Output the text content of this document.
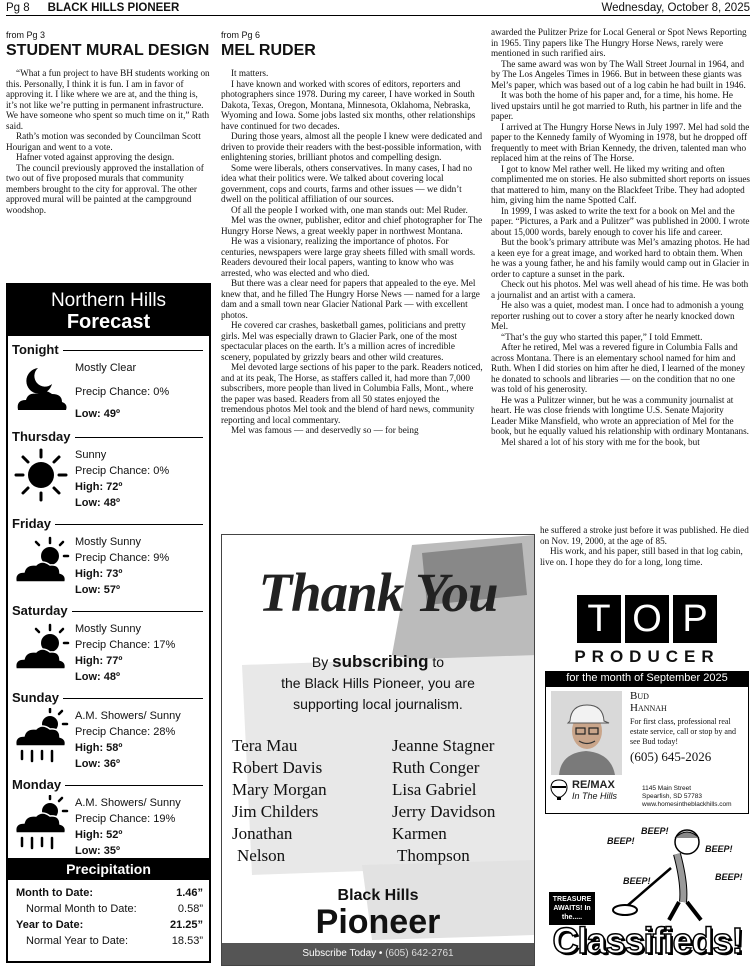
Pg 8 BLACK HILLS PIONEER	Wednesday, October 8, 2025
from Pg 3
STUDENT MURAL DESIGN

“What a fun project to have BH students working on this. Personally, I think it is fun. I am in favor of approving it. I like where we are at, and the thing is, it’s not like we’re putting in permanent infrastructure. We have someone who spent so much time on it,” Rath said.

Rath’s motion was seconded by Councilman Scott Hourigan and went to a vote.

Hafner voted against approving the design.

The council previously approved the installation of two out of five proposed murals that community members brought to the city for approval. The other approved mural will be painted at the campground woodshop.

Northern Hills
Forecast
Tonight
Mostly Clear
Precip Chance: 0%
Low: 49º
Thursday
Sunny
Precip Chance: 0%
High: 72º
Low: 48º
Friday
Mostly Sunny
Precip Chance: 9%
High: 73º
Low: 57º
Saturday
Mostly Sunny
Precip Chance: 17%
High: 77º
Low: 48º
Sunday
A.M. Showers/ Sunny
Precip Chance: 28%
High: 58º
Low: 36º
Monday
A.M. Showers/ Sunny
Precip Chance: 19%
High: 52º
Low: 35º
Precipitation
Month to Date:	1.46”
Normal Month to Date:	0.58”
Year to Date:	21.25”
Normal Year to Date:	18.53”
from Pg 6
MEL RUDER

It matters.

I have known and worked with scores of editors, reporters and photographers since 1978. During my career, I have worked in South Dakota, Texas, Oregon, Montana, Minnesota, Oklahoma, Nebraska, Wyoming and Iowa. Some jobs lasted six months, other relationships have continued for two decades.

During those years, almost all the people I knew were dedicated and driven to provide their readers with the best-possible information, with enlightening stories, brilliant photos and compelling design.

Some were liberals, others conservatives. In many cases, I had no idea what their politics were. We talked about covering local government, cops and courts, farms and other issues — we didn’t dwell on the political affiliation of our sources.

Of all the people I worked with, one man stands out: Mel Ruder.

Mel was the owner, publisher, editor and chief photographer for The Hungry Horse News, a great weekly paper in northwest Montana.

He was a visionary, realizing the importance of photos. For centuries, newspapers were large gray sheets filled with small words. Readers devoured their local papers, wanting to know who was arrested, who was elected and who died.

But there was a clear need for papers that appealed to the eye. Mel knew that, and he filled The Hungry Horse News — named for a large dam and a small town near Glacier National Park — with excellent photos.

He covered car crashes, basketball games, politicians and pretty girls. Mel was especially drawn to Glacier Park, one of the most spectacular places on the earth. It’s a million acres of incredible scenery, populated by grizzly bears and other wild creatures.

Mel devoted large sections of his paper to the park. Readers noticed, and at its peak, The Horse, as staffers called it, had more than 7,000 subscribers, more people than lived in Columbia Falls, Mont., where the paper was based. Readers from all 50 states enjoyed the tremendous photos Mel took and the blend of hard news, community reporting and local commentary.

Mel was famous — and deservedly so — for being

awarded the Pulitzer Prize for Local General or Spot News Reporting in 1965. Tiny papers like The Hungry Horse News, rarely were mentioned in such rarified airs.

The same award was won by The Wall Street Journal in 1964, and by The Los Angeles Times in 1966. But in between these giants was Mel’s paper, which was based out of a log cabin he had built in 1946.

It was both the home of his paper and, for a time, his home. He lived upstairs until he got married to Ruth, his partner in life and the paper.

I arrived at The Hungry Horse News in July 1997. Mel had sold the paper to the Kennedy family of Wyoming in 1978, but he dropped off frequently to meet with Brian Kennedy, the driven, talented man who replaced him at the reins of The Horse.

I got to know Mel rather well. He liked my writing and often complimented me on stories. He also submitted short reports on issues that mattered to him, many on the Blackfeet Tribe. They had adopted him, giving him the name Spotted Calf.

In 1999, I was asked to write the text for a book on Mel and the paper. “Pictures, a Park and a Pulitzer” was published in 2000. I wrote about 15,000 words, barely enough to cover his life and career.

But the book’s primary attribute was Mel’s amazing photos. He had a keen eye for a great image, and worked hard to obtain them. When he was a young father, he and his family would camp out in Glacier in order to capture a sunset in the park.

Check out his photos. Mel was well ahead of his time. He was both a journalist and an artist with a camera.

He also was a quiet, modest man. I once had to admonish a young reporter rushing out to cover a story after he nearly knocked down Mel.

“That’s the guy who started this paper,” I told Emmett.

After he retired, Mel was a revered figure in Columbia Falls and across Montana. There is an elementary school named for him and Ruth. When I did stories on him after he died, I learned of the money he donated to schools and libraries — on the condition that no one was told of his generosity.

He was a Pulitzer winner, but he was a community journalist at heart. He was close friends with longtime U.S. Senate Majority Leader Mike Mansfield, who wrote an appreciation of Mel for the book, but he equally valued his relationship with ordinary Montanans.

Mel shared a lot of his story with me for the book, but

he suffered a stroke just before it was published. He died on Nov. 19, 2000, at the age of 85.

His work, and his paper, still based in that log cabin, live on. I hope they do for a long, long time.

Thank You
By subscribing to
the Black Hills Pioneer, you are
supporting local journalism.
Tera Mau
Robert Davis
Mary Morgan
Jim Childers
Jonathan
Nelson
Jeanne Stagner
Ruth Conger
Lisa Gabriel
Jerry Davidson
Karmen
Thompson
Black Hills
Pioneer
Subscribe Today • (605) 642-2761
T O P
PRODUCER
for the month of September 2025
Bud
Hannah
For first class, professional real estate service, call or stop by and see Bud today!
(605) 645-2026
RE/MAX
In The Hills
1145 Main Street
Spearfish, SD 57783
www.homesintheblackhills.com
BEEP!
BEEP!
BEEP!
BEEP!	BEEP!
TREASURE AWAITS! In the.....
Classifieds!
